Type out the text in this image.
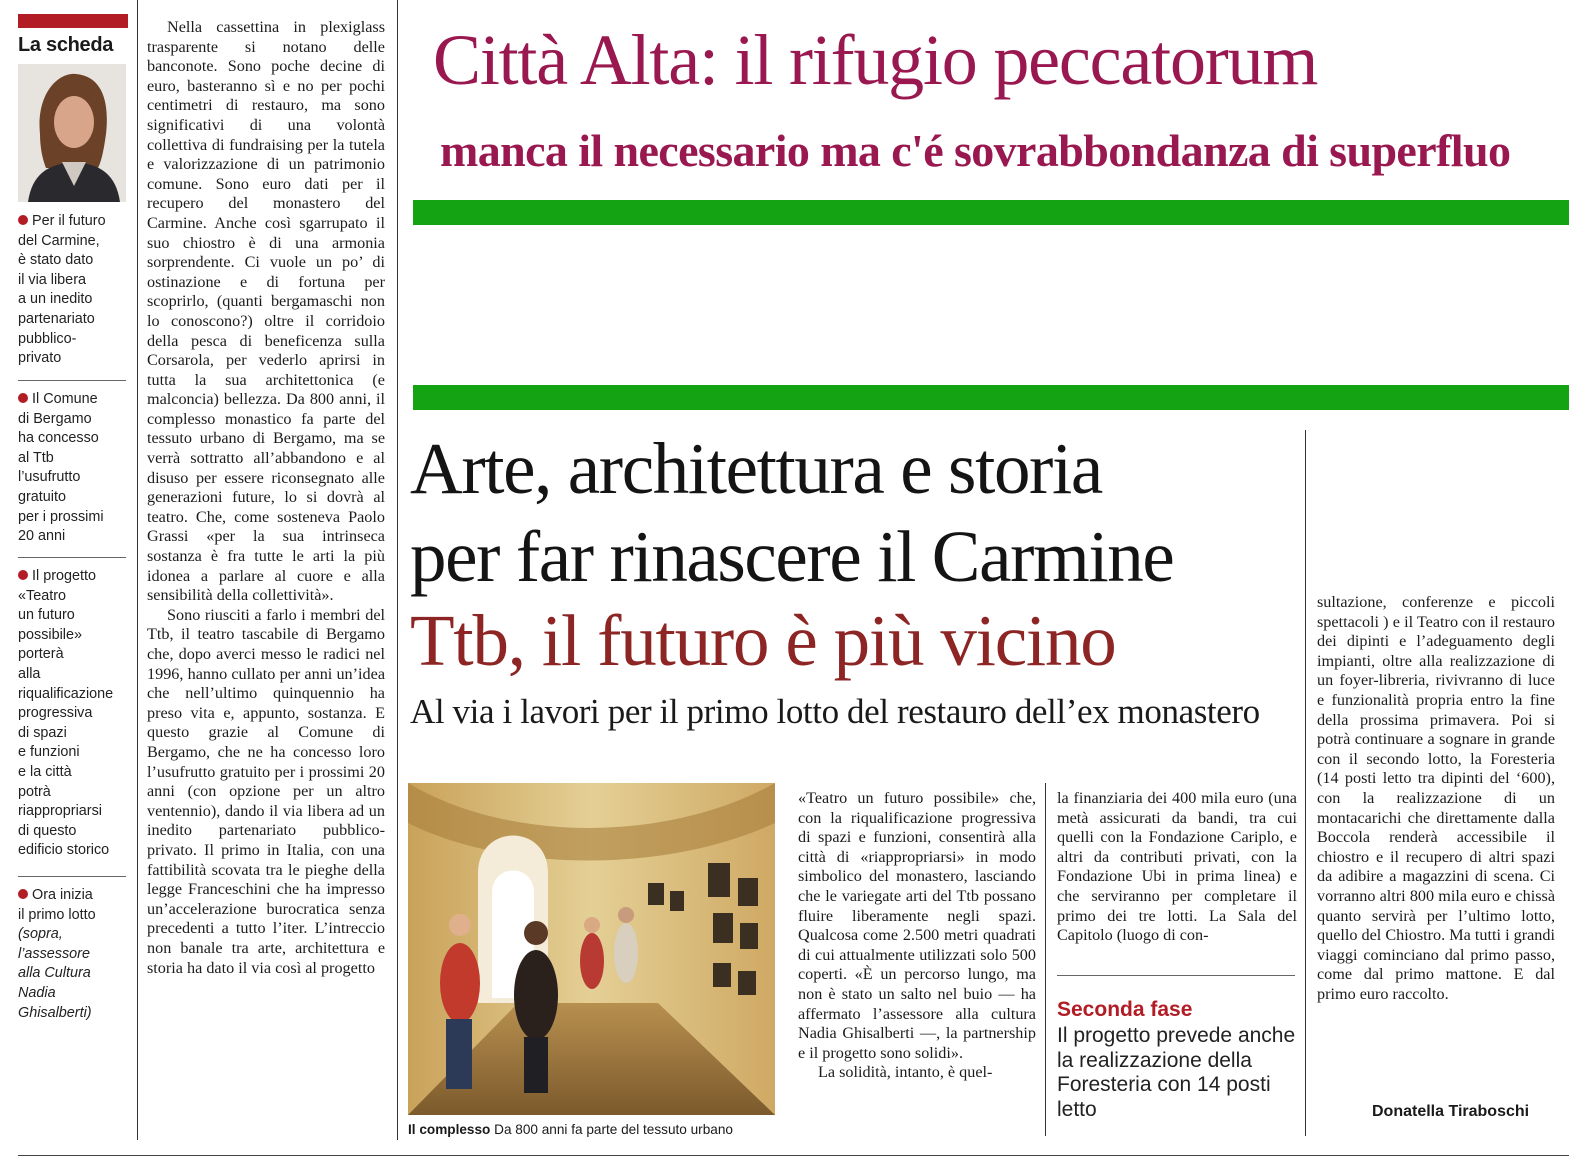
La scheda
Per il futuro
del Carmine,
è stato dato
il via libera
a un inedito
partenariato
pubblico-
privato
Il Comune
di Bergamo
ha concesso
al Ttb
l’usufrutto
gratuito
per i prossimi
20 anni
Il progetto
«Teatro
un futuro
possibile»
porterà
alla
riqualificazione
progressiva
di spazi
e funzioni
e la città
potrà
riappropriarsi
di questo
edificio storico
Ora inizia
il primo lotto
(sopra,
l’assessore
alla Cultura
Nadia
Ghisalberti)

Nella cassettina in plexiglass trasparente si notano delle banconote. Sono poche decine di euro, basteranno sì e no per pochi centimetri di restauro, ma sono significativi di una volontà collettiva di fundraising per la tutela e valorizzazione di un patrimonio comune. Sono euro dati per il recupero del monastero del Carmine. Anche così sgarrupato il suo chiostro è di una armonia sorprendente. Ci vuole un po’ di ostinazione e di fortuna per scoprirlo, (quanti bergamaschi non lo conoscono?) oltre il corridoio della pesca di beneficenza sulla Corsarola, per vederlo aprirsi in tutta la sua architettonica (e malconcia) bellezza. Da 800 anni, il complesso monastico fa parte del tessuto urbano di Bergamo, ma se verrà sottratto all’abbandono e al disuso per essere riconsegnato alle generazioni future, lo si dovrà al teatro. Che, come sosteneva Paolo Grassi «per la sua intrinseca sostanza è fra tutte le arti la più idonea a parlare al cuore e alla sensibilità della collettività».

Sono riusciti a farlo i membri del Ttb, il teatro tascabile di Bergamo che, dopo averci messo le radici nel 1996, hanno cullato per anni un’idea che nell’ultimo quinquennio ha preso vita e, appunto, sostanza. E questo grazie al Comune di Bergamo, che ne ha concesso loro l’usufrutto gratuito per i prossimi 20 anni (con opzione per un altro ventennio), dando il via libera ad un inedito partenariato pubblico- privato. Il primo in Italia, con una fattibilità scovata tra le pieghe della legge Franceschini che ha impresso un’accelerazione burocratica senza precedenti a tutto l’iter. L’intreccio non banale tra arte, architettura e storia ha dato il via così al progetto

Città Alta: il rifugio peccatorum
manca il necessario ma c'é sovrabbondanza di superfluo
Arte, architettura e storia
per far rinascere il Carmine
Ttb, il futuro è più vicino
Al via i lavori per il primo lotto del restauro dell’ex monastero
Il complesso Da 800 anni fa parte del tessuto urbano

«Teatro un futuro possibile» che, con la riqualificazione progressiva di spazi e funzioni, consentirà alla città di «riappropriarsi» in modo simbolico del monastero, lasciando che le variegate arti del Ttb possano fluire liberamente negli spazi. Qualcosa come 2.500 metri quadrati di cui attualmente utilizzati solo 500 coperti. «È un percorso lungo, ma non è stato un salto nel buio — ha affermato l’assessore alla cultura Nadia Ghisalberti —, la partnership e il progetto sono solidi».

La solidità, intanto, è quel-

la finanziaria dei 400 mila euro (una metà assicurati da bandi, tra cui quelli con la Fondazione Cariplo, e altri da contributi privati, con la Fondazione Ubi in prima linea) e che serviranno per completare il primo dei tre lotti. La Sala del Capitolo (luogo di con-

Seconda fase
Il progetto prevede anche la realizzazione della Foresteria con 14 posti letto

sultazione, conferenze e piccoli spettacoli ) e il Teatro con il restauro dei dipinti e l’adeguamento degli impianti, oltre alla realizzazione di un foyer-libreria, rivivranno di luce e funzionalità propria entro la fine della prossima primavera. Poi si potrà continuare a sognare in grande con il secondo lotto, la Foresteria (14 posti letto tra dipinti del ‘600), con la realizzazione di un montacarichi che direttamente dalla Boccola renderà accessibile il chiostro e il recupero di altri spazi da adibire a magazzini di scena. Ci vorranno altri 800 mila euro e chissà quanto servirà per l’ultimo lotto, quello del Chiostro. Ma tutti i grandi viaggi cominciano dal primo passo, come dal primo mattone. E dal primo euro raccolto.

Donatella Tiraboschi
